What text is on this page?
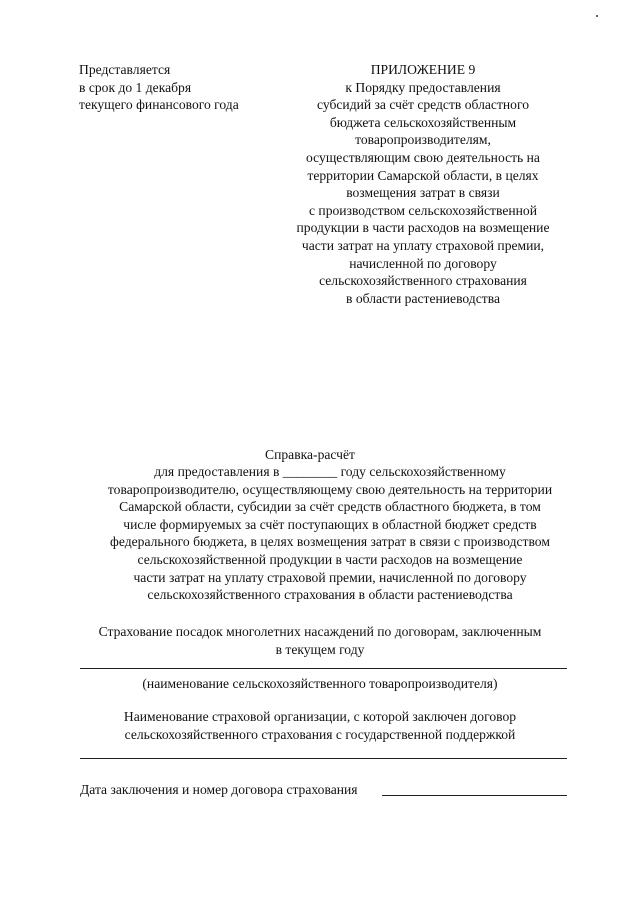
Представляется
в срок до 1 декабря
текущего финансового года
ПРИЛОЖЕНИЕ 9
к Порядку предоставления
субсидий за счёт средств областного
бюджета сельскохозяйственным
товаропроизводителям,
осуществляющим свою деятельность на
территории Самарской области, в целях
возмещения затрат в связи
с производством сельскохозяйственной
продукции в части расходов на возмещение
части затрат на уплату страховой премии,
начисленной по договору
сельскохозяйственного страхования
в области растениеводства
Справка-расчёт
для предоставления в ________ году сельскохозяйственному
товаропроизводителю, осуществляющему свою деятельность на территории
Самарской области, субсидии за счёт средств областного бюджета, в том
числе формируемых за счёт поступающих в областной бюджет средств
федерального бюджета, в целях возмещения затрат в связи с производством
сельскохозяйственной продукции в части расходов на возмещение
части затрат на уплату страховой премии, начисленной по договору
сельскохозяйственного страхования в области растениеводства
Страхование посадок многолетних насаждений по договорам, заключенным
в текущем году
(наименование сельскохозяйственного товаропроизводителя)
Наименование страховой организации, с которой заключен договор
сельскохозяйственного страхования с государственной поддержкой
Дата заключения и номер договора страхования
